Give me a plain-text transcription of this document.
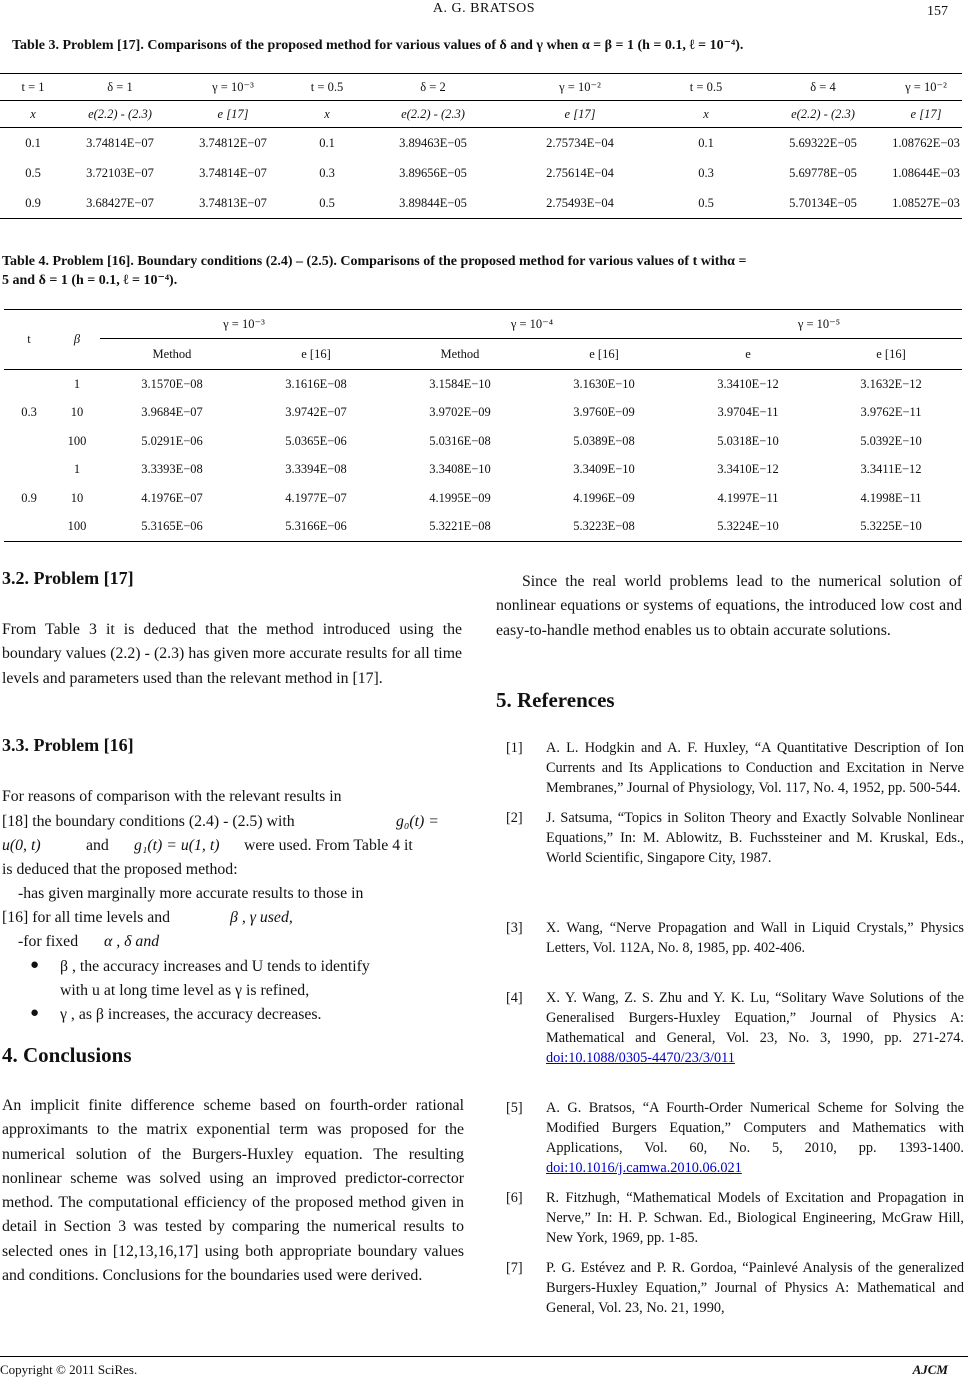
A. G. BRATSOS	157
Table 3. Problem [17]. Comparisons of the proposed method for various values of δ and γ when α = β = 1 (h = 0.1, ℓ = 10⁻⁴).
t = 1	δ = 1	γ = 10⁻³	t = 0.5	δ = 2	γ = 10⁻²	t = 0.5	δ = 4	γ = 10⁻²
x	e(2.2) - (2.3)	e [17]	x	e(2.2) - (2.3)	e [17]	x	e(2.2) - (2.3)	e [17]
0.1	3.74814E−07	3.74812E−07	0.1	3.89463E−05	2.75734E−04	0.1	5.69322E−05	1.08762E−03
0.5	3.72103E−07	3.74814E−07	0.3	3.89656E−05	2.75614E−04	0.3	5.69778E−05	1.08644E−03
0.9	3.68427E−07	3.74813E−07	0.5	3.89844E−05	2.75493E−04	0.5	5.70134E−05	1.08527E−03
Table 4. Problem [16]. Boundary conditions (2.4) – (2.5). Comparisons of the proposed method for various values of t withα =
5 and δ = 1 (h = 0.1, ℓ = 10⁻⁴).
t	β	γ = 10⁻³		γ = 10⁻⁴		γ = 10⁻⁵	
		Method	e [16]	Method	e [16]	e	e [16]
0.3	1	3.1570E−08	3.1616E−08	3.1584E−10	3.1630E−10	3.3410E−12	3.1632E−12
	10	3.9684E−07	3.9742E−07	3.9702E−09	3.9760E−09	3.9704E−11	3.9762E−11
	100	5.0291E−06	5.0365E−06	5.0316E−08	5.0389E−08	5.0318E−10	5.0392E−10
0.9	1	3.3393E−08	3.3394E−08	3.3408E−10	3.3409E−10	3.3410E−12	3.3411E−12
	10	4.1976E−07	4.1977E−07	4.1995E−09	4.1996E−09	4.1997E−11	4.1998E−11
	100	5.3165E−06	5.3166E−06	5.3221E−08	5.3223E−08	5.3224E−10	5.3225E−10
3.2. Problem [17]

From Table 3 it is deduced that the method introduced using the boundary values (2.2) - (2.3) has given more accurate results for all time levels and parameters used than the relevant method in [17].

3.3. Problem [16]
For reasons of comparison with the relevant results in
[18] the boundary conditions (2.4) - (2.5) with	g₀(t) =
u(0, t)	and g₁(t) = u(1, t) were used. From Table 4 it
is deduced that the proposed method:
-has given marginally more accurate results to those in
[16] for all time levels and	β , γ used,
-for fixed α , δ and
● β , the accuracy increases and U tends to identify
with u at long time level as γ is refined,
● γ , as β increases, the accuracy decreases.
4. Conclusions

An implicit finite difference scheme based on fourth-order rational approximants to the matrix exponential term was proposed for the numerical solution of the Burgers-Huxley equation. The resulting nonlinear scheme was solved using an improved predictor-corrector method. The computational efficiency of the proposed method given in detail in Section 3 was tested by comparing the numerical results to selected ones in [12,13,16,17] using both appropriate boundary values and conditions. Conclusions for the boundaries used were derived.

Since the real world problems lead to the numerical solution of nonlinear equations or systems of equations, the introduced low cost and easy-to-handle method enables us to obtain accurate solutions.

5. References
[1] A. L. Hodgkin and A. F. Huxley, “A Quantitative Description of Ion Currents and Its Applications to Conduction and Excitation in Nerve Membranes,” Journal of Physiology, Vol. 117, No. 4, 1952, pp. 500-544.
[2] J. Satsuma, “Topics in Soliton Theory and Exactly Solvable Nonlinear Equations,” In: M. Ablowitz, B. Fuchssteiner and M. Kruskal, Eds., World Scientific, Singapore City, 1987.
[3] X. Wang, “Nerve Propagation and Wall in Liquid Crystals,” Physics Letters, Vol. 112A, No. 8, 1985, pp. 402-406.
[4] X. Y. Wang, Z. S. Zhu and Y. K. Lu, “Solitary Wave Solutions of the Generalised Burgers-Huxley Equation,” Journal of Physics A: Mathematical and General, Vol. 23, No. 3, 1990, pp. 271-274. doi:10.1088/0305-4470/23/3/011
[5] A. G. Bratsos, “A Fourth-Order Numerical Scheme for Solving the Modified Burgers Equation,” Computers and Mathematics with Applications, Vol. 60, No. 5, 2010, pp. 1393-1400. doi:10.1016/j.camwa.2010.06.021
[6] R. Fitzhugh, “Mathematical Models of Excitation and Propagation in Nerve,” In: H. P. Schwan. Ed., Biological Engineering, McGraw Hill, New York, 1969, pp. 1-85.
[7] P. G. Estévez and P. R. Gordoa, “Painlevé Analysis of the generalized Burgers-Huxley Equation,” Journal of Physics A: Mathematical and General, Vol. 23, No. 21, 1990,
Copyright © 2011 SciRes.	AJCM
